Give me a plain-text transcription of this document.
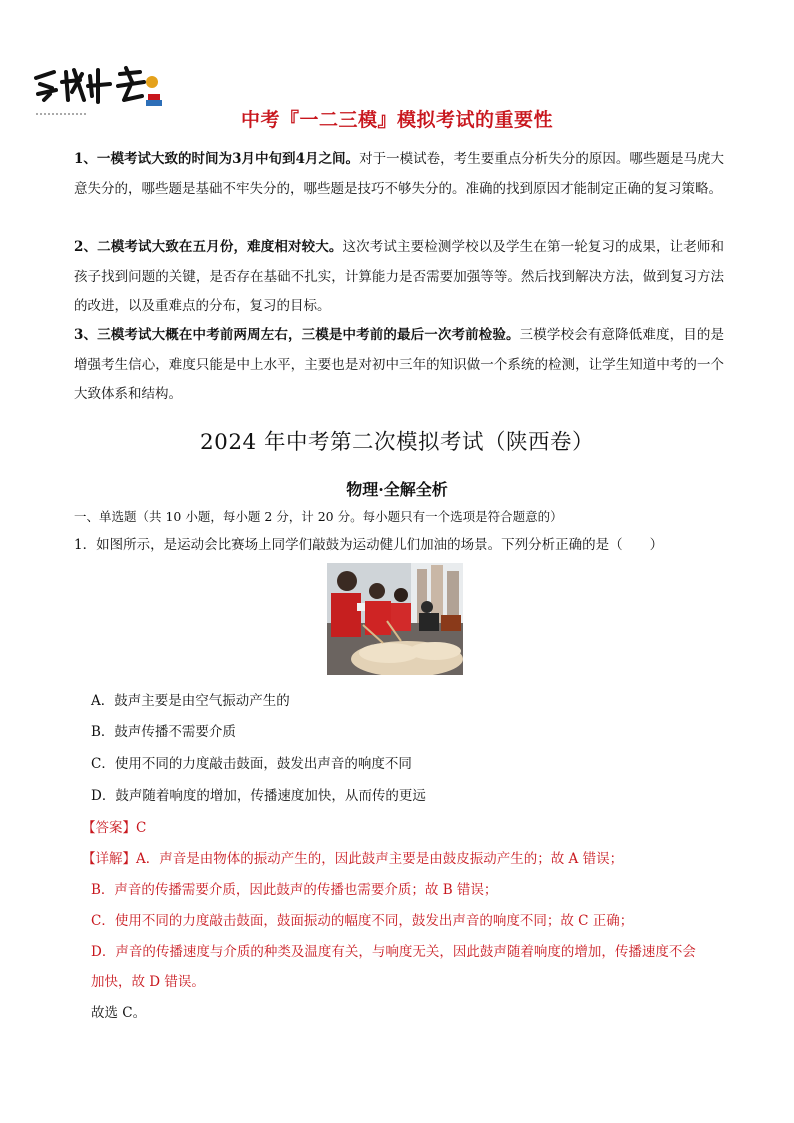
中考『一二三模』模拟考试的重要性
1、一模考试大致的时间为3月中旬到4月之间。对于一模试卷，考生要重点分析失分的原因。哪些题是马虎大意失分的，哪些题是基础不牢失分的，哪些题是技巧不够失分的。准确的找到原因才能制定正确的复习策略。
2、二模考试大致在五月份，难度相对较大。这次考试主要检测学校以及学生在第一轮复习的成果，让老师和孩子找到问题的关键，是否存在基础不扎实，计算能力是否需要加强等等。然后找到解决方法，做到复习方法的改进，以及重难点的分布，复习的目标。
3、三模考试大概在中考前两周左右，三模是中考前的最后一次考前检验。三模学校会有意降低难度，目的是增强考生信心，难度只能是中上水平，主要也是对初中三年的知识做一个系统的检测，让学生知道中考的一个大致体系和结构。
2024 年中考第二次模拟考试（陕西卷）
物理·全解全析
一、单选题（共 10 小题，每小题 2 分，计 20 分。每小题只有一个选项是符合题意的）
1．如图所示，是运动会比赛场上同学们敲鼓为运动健儿们加油的场景。下列分析正确的是（　　）
A．鼓声主要是由空气振动产生的
B．鼓声传播不需要介质
C．使用不同的力度敲击鼓面，鼓发出声音的响度不同
D．鼓声随着响度的增加，传播速度加快，从而传的更远
【答案】C
【详解】A．声音是由物体的振动产生的，因此鼓声主要是由鼓皮振动产生的；故 A 错误；
B．声音的传播需要介质，因此鼓声的传播也需要介质；故 B 错误；
C．使用不同的力度敲击鼓面，鼓面振动的幅度不同，鼓发出声音的响度不同；故 C 正确；
D．声音的传播速度与介质的种类及温度有关，与响度无关，因此鼓声随着响度的增加，传播速度不会
加快，故 D 错误。
故选 C。
